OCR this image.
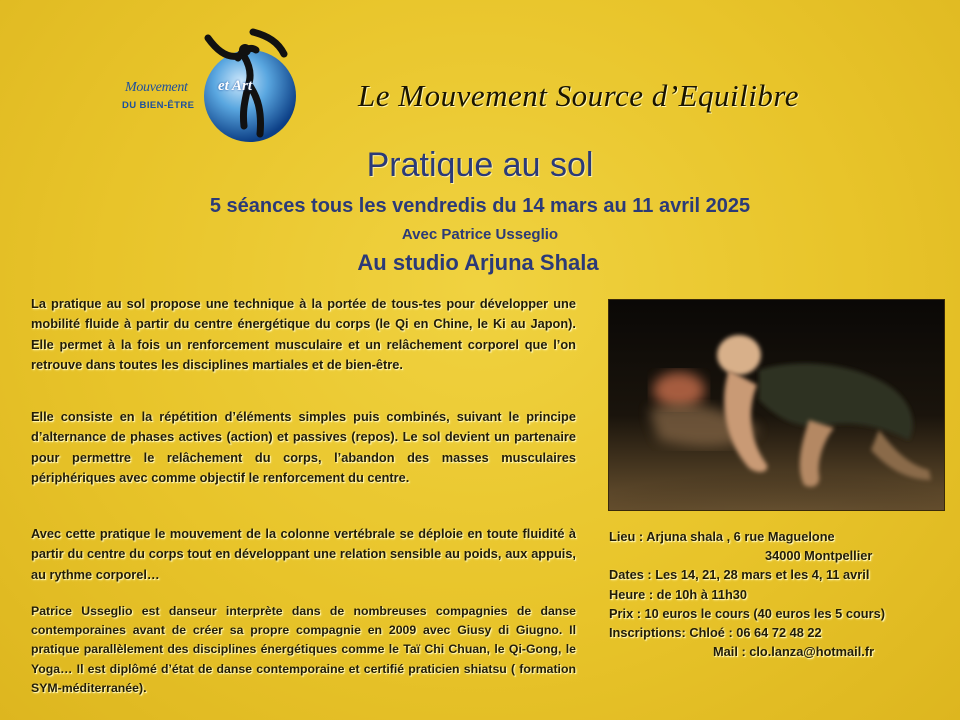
Mouvement et Art
DU BIEN-ÊTRE	Le Mouvement Source d’Equilibre
Pratique au sol
5 séances tous les vendredis du 14 mars au 11 avril 2025
Avec Patrice Usseglio
Au studio Arjuna Shala

La pratique au sol propose une technique à la portée de tous-tes pour développer une mobilité fluide à partir du centre énergétique du corps (le Qi en Chine, le Ki au Japon). Elle permet à la fois un renforcement musculaire et un relâchement corporel que l’on retrouve dans toutes les disciplines martiales et de bien-être.

Elle consiste en la répétition d’éléments simples puis combinés, suivant le principe d’alternance de phases actives (action) et passives (repos). Le sol devient un partenaire pour permettre le relâchement du corps, l’abandon des masses musculaires périphériques avec comme objectif le renforcement du centre.

Avec cette pratique le mouvement de la colonne vertébrale se déploie en toute fluidité à partir du centre du corps tout en développant une relation sensible au poids, aux appuis, au rythme corporel…

Patrice Usseglio est danseur interprète dans de nombreuses compagnies de danse contemporaines avant de créer sa propre compagnie en 2009 avec Giusy di Giugno. Il pratique parallèlement des disciplines énergétiques comme le Taï Chi Chuan, le Qi-Gong, le Yoga… Il est diplômé d’état de danse contemporaine et certifié praticien shiatsu ( formation SYM-méditerranée).

Lieu : Arjuna shala , 6 rue Maguelone
34000 Montpellier
Dates : Les 14, 21, 28 mars et les 4, 11 avril
Heure : de 10h à 11h30
Prix : 10 euros le cours (40 euros les 5 cours)
Inscriptions: Chloé : 06 64 72 48 22
Mail : clo.lanza@hotmail.fr
